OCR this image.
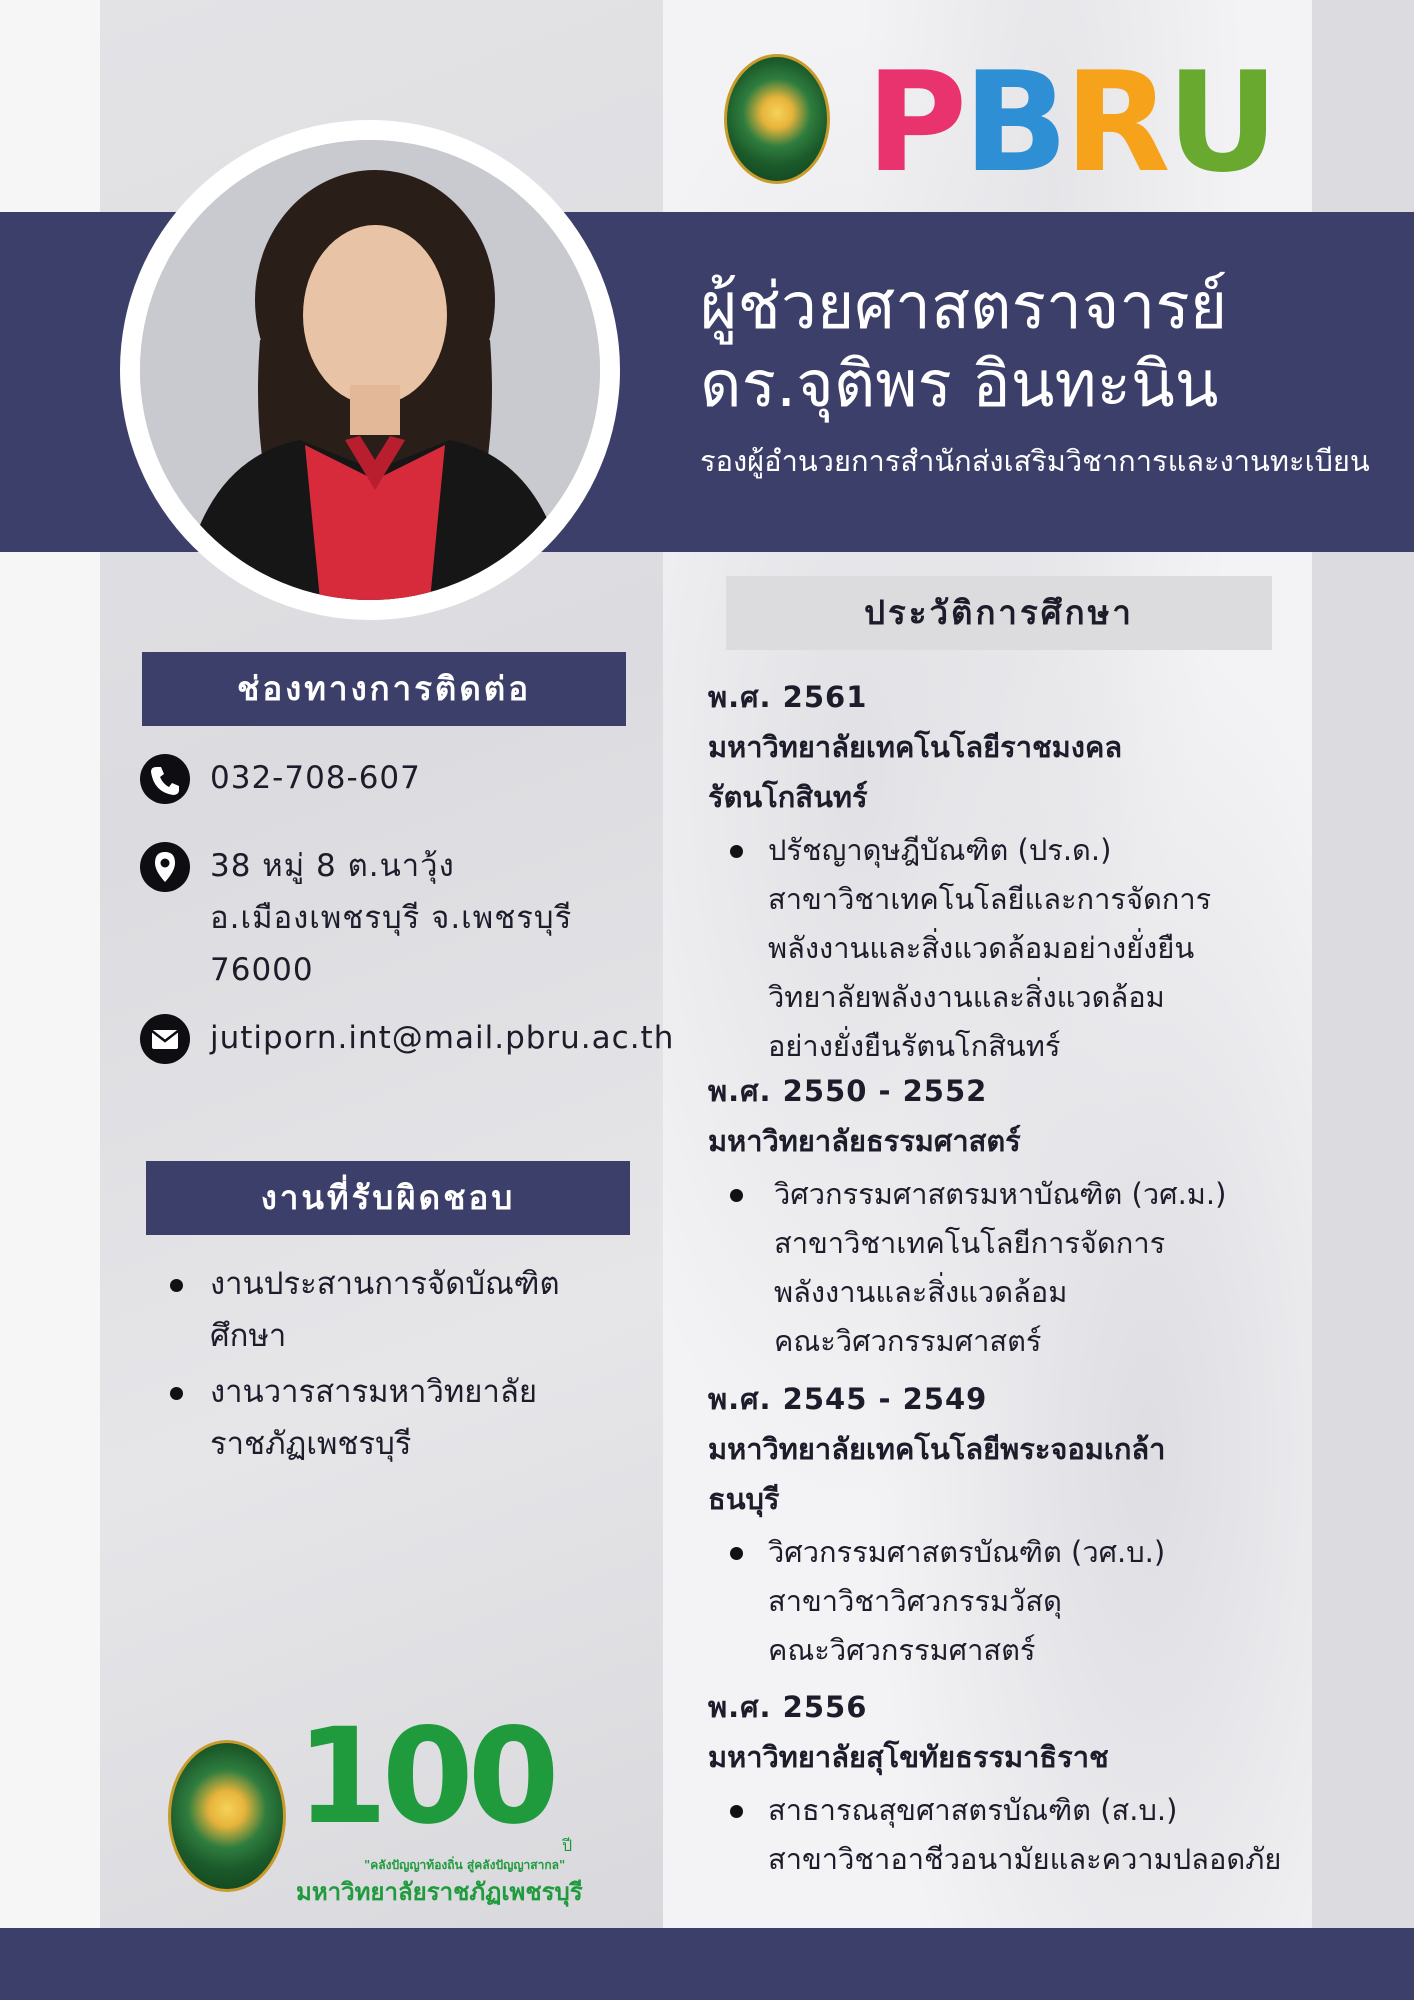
PBRU
ผู้ช่วยศาสตราจารย์
ดร.จุติพร อินทะนิน
รองผู้อำนวยการสำนักส่งเสริมวิชาการและงานทะเบียน
ช่องทางการติดต่อ
032-708-607
38 หมู่ 8 ต.นาวุ้ง
อ.เมืองเพชรบุรี จ.เพชรบุรี
76000
jutiporn.int@mail.pbru.ac.th
งานที่รับผิดชอบ
งานประสานการจัดบัณฑิต
ศึกษา
งานวารสารมหาวิทยาลัย
ราชภัฏเพชรบุรี
100 ปี
"คลังปัญญาท้องถิ่น สู่คลังปัญญาสากล"
มหาวิทยาลัยราชภัฏเพชรบุรี
ประวัติการศึกษา
พ.ศ. 2561
มหาวิทยาลัยเทคโนโลยีราชมงคล
รัตนโกสินทร์
ปรัชญาดุษฎีบัณฑิต (ปร.ด.)
สาขาวิชาเทคโนโลยีและการจัดการ
พลังงานและสิ่งแวดล้อมอย่างยั่งยืน
วิทยาลัยพลังงานและสิ่งแวดล้อม
อย่างยั่งยืนรัตนโกสินทร์
พ.ศ. 2550 - 2552
มหาวิทยาลัยธรรมศาสตร์
วิศวกรรมศาสตรมหาบัณฑิต (วศ.ม.)
สาขาวิชาเทคโนโลยีการจัดการ
พลังงานและสิ่งแวดล้อม
คณะวิศวกรรมศาสตร์
พ.ศ. 2545 - 2549
มหาวิทยาลัยเทคโนโลยีพระจอมเกล้า
ธนบุรี
วิศวกรรมศาสตรบัณฑิต (วศ.บ.)
สาขาวิชาวิศวกรรมวัสดุ
คณะวิศวกรรมศาสตร์
พ.ศ. 2556
มหาวิทยาลัยสุโขทัยธรรมาธิราช
สาธารณสุขศาสตรบัณฑิต (ส.บ.)
สาขาวิชาอาชีวอนามัยและความปลอดภัย
